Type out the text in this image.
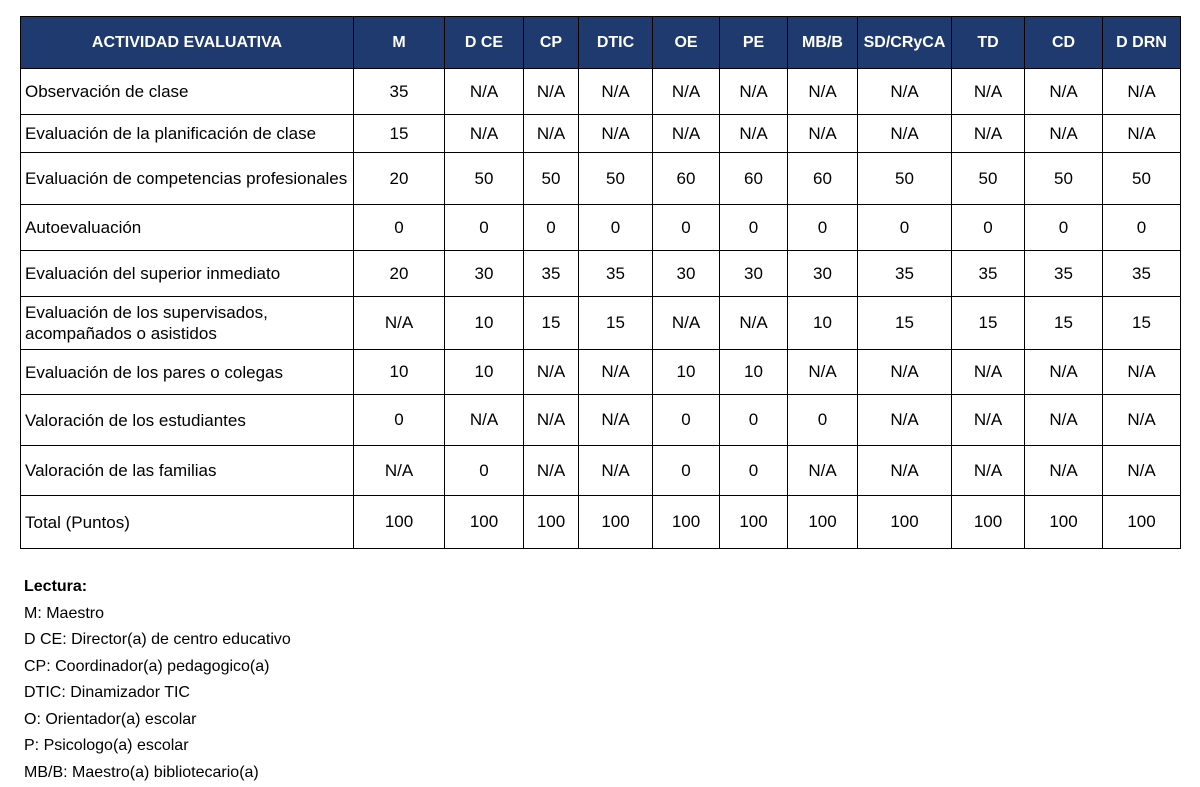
ACTIVIDAD EVALUATIVA	M	D CE	CP	DTIC	OE	PE	MB/B	SD/CRyCA	TD	CD	D DRN
Observación de clase	35	N/A	N/A	N/A	N/A	N/A	N/A	N/A	N/A	N/A	N/A
Evaluación de la planificación de clase	15	N/A	N/A	N/A	N/A	N/A	N/A	N/A	N/A	N/A	N/A
Evaluación de competencias profesionales	20	50	50	50	60	60	60	50	50	50	50
Autoevaluación	0	0	0	0	0	0	0	0	0	0	0
Evaluación del superior inmediato	20	30	35	35	30	30	30	35	35	35	35
Evaluación de los supervisados, acompañados o asistidos	N/A	10	15	15	N/A	N/A	10	15	15	15	15
Evaluación de los pares o colegas	10	10	N/A	N/A	10	10	N/A	N/A	N/A	N/A	N/A
Valoración de los estudiantes	0	N/A	N/A	N/A	0	0	0	N/A	N/A	N/A	N/A
Valoración de las familias	N/A	0	N/A	N/A	0	0	N/A	N/A	N/A	N/A	N/A
Total (Puntos)	100	100	100	100	100	100	100	100	100	100	100
Lectura:
M: Maestro
D CE: Director(a) de centro educativo
CP: Coordinador(a) pedagogico(a)
DTIC: Dinamizador TIC
O: Orientador(a) escolar
P: Psicologo(a) escolar
MB/B: Maestro(a) bibliotecario(a)
